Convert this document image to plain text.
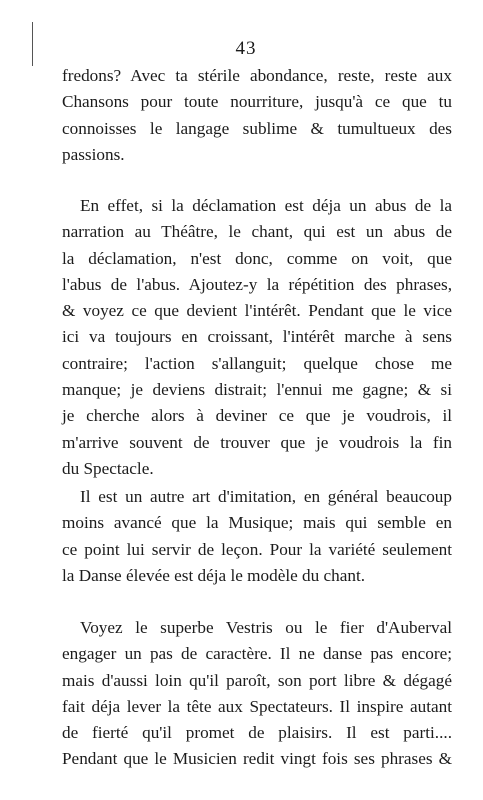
43
fredons? Avec ta stérile abondance, reste, reste aux
Chansons pour toute nourriture, jusqu'à ce que tu
connoisses le langage sublime & tumultueux des
passions.
En effet, si la déclamation est déja un abus de la
narration au Théâtre, le chant, qui est un abus de
la déclamation, n'est donc, comme on voit, que
l'abus de l'abus. Ajoutez-y la répétition des phrases,
& voyez ce que devient l'intérêt. Pendant que le vice
ici va toujours en croissant, l'intérêt marche à sens
contraire; l'action s'allanguit; quelque chose me
manque; je deviens distrait; l'ennui me gagne; & si
je cherche alors à deviner ce que je voudrois, il
m'arrive souvent de trouver que je voudrois la fin
du Spectacle.
Il est un autre art d'imitation, en général beaucoup
moins avancé que la Musique; mais qui semble en
ce point lui servir de leçon. Pour la variété seulement
la Danse élevée est déja le modèle du chant.
Voyez le superbe Vestris ou le fier d'Auberval
engager un pas de caractère. Il ne danse pas encore;
mais d'aussi loin qu'il paroît, son port libre & dégagé
fait déja lever la tête aux Spectateurs. Il inspire autant
de fierté qu'il promet de plaisirs. Il est parti....
Pendant que le Musicien redit vingt fois ses phrases &
